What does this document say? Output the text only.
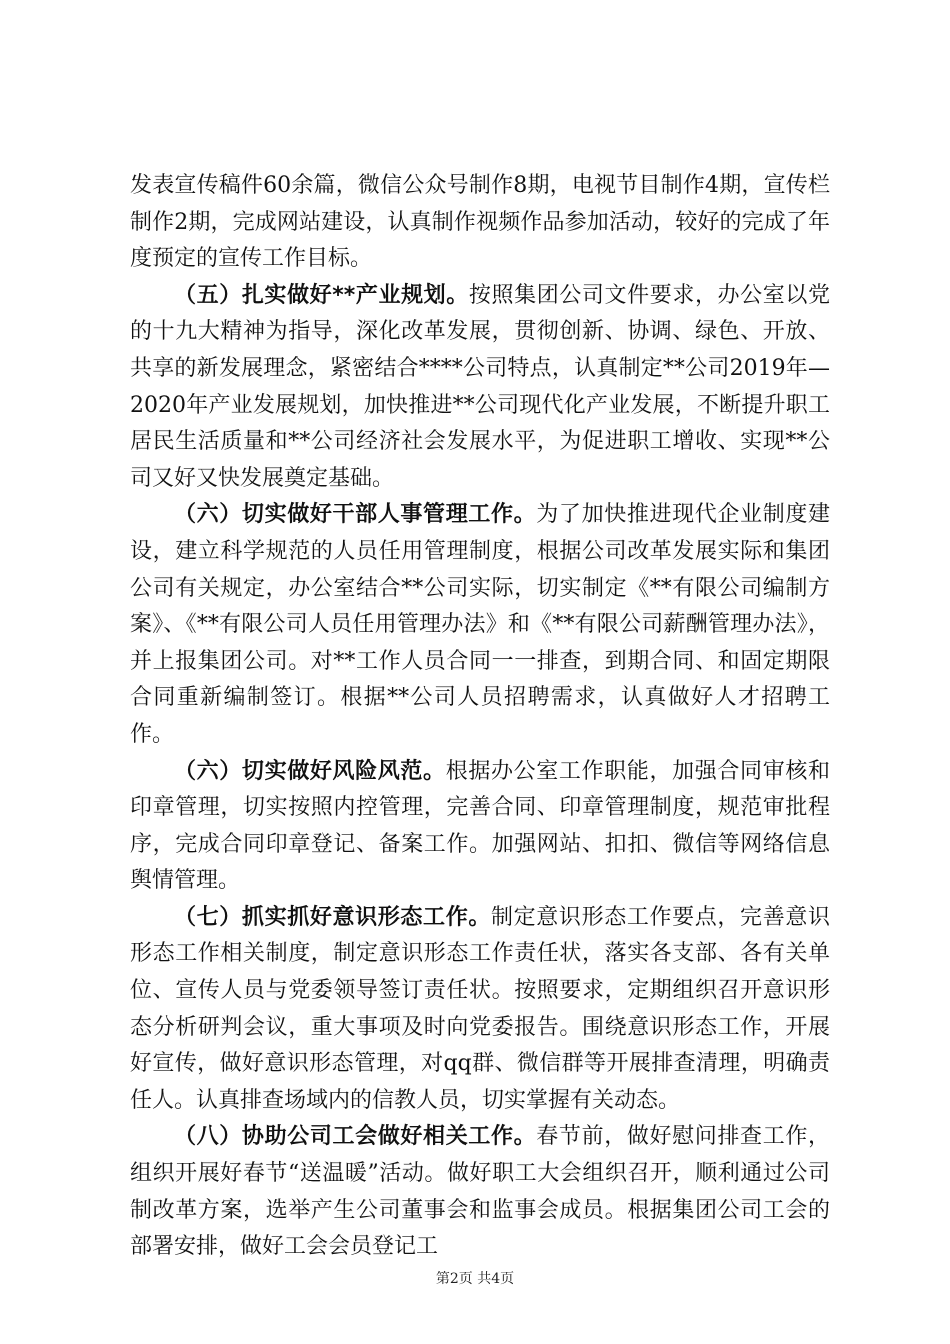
发表宣传稿件60余篇，微信公众号制作8期，电视节目制作4期，宣传栏制作2期，完成网站建设，认真制作视频作品参加活动，较好的完成了年度预定的宣传工作目标。

（五）扎实做好**产业规划。按照集团公司文件要求，办公室以党的十九大精神为指导，深化改革发展，贯彻创新、协调、绿色、开放、共享的新发展理念，紧密结合****公司特点，认真制定**公司2019年—2020年产业发展规划，加快推进**公司现代化产业发展，不断提升职工居民生活质量和**公司经济社会发展水平，为促进职工增收、实现**公司又好又快发展奠定基础。

（六）切实做好干部人事管理工作。为了加快推进现代企业制度建设，建立科学规范的人员任用管理制度，根据公司改革发展实际和集团公司有关规定，办公室结合**公司实际，切实制定《**有限公司编制方案》、《**有限公司人员任用管理办法》和《**有限公司薪酬管理办法》，并上报集团公司。对**工作人员合同一一排查，到期合同、和固定期限合同重新编制签订。根据**公司人员招聘需求，认真做好人才招聘工作。

（六）切实做好风险风范。根据办公室工作职能，加强合同审核和印章管理，切实按照内控管理，完善合同、印章管理制度，规范审批程序，完成合同印章登记、备案工作。加强网站、扣扣、微信等网络信息舆情管理。

（七）抓实抓好意识形态工作。制定意识形态工作要点，完善意识形态工作相关制度，制定意识形态工作责任状，落实各支部、各有关单位、宣传人员与党委领导签订责任状。按照要求，定期组织召开意识形态分析研判会议，重大事项及时向党委报告。围绕意识形态工作，开展好宣传，做好意识形态管理，对qq群、微信群等开展排查清理，明确责任人。认真排查场域内的信教人员，切实掌握有关动态。

（八）协助公司工会做好相关工作。春节前，做好慰问排查工作，组织开展好春节“送温暖”活动。做好职工大会组织召开，顺利通过公司制改革方案，选举产生公司董事会和监事会成员。根据集团公司工会的部署安排，做好工会会员登记工

第2页 共4页
